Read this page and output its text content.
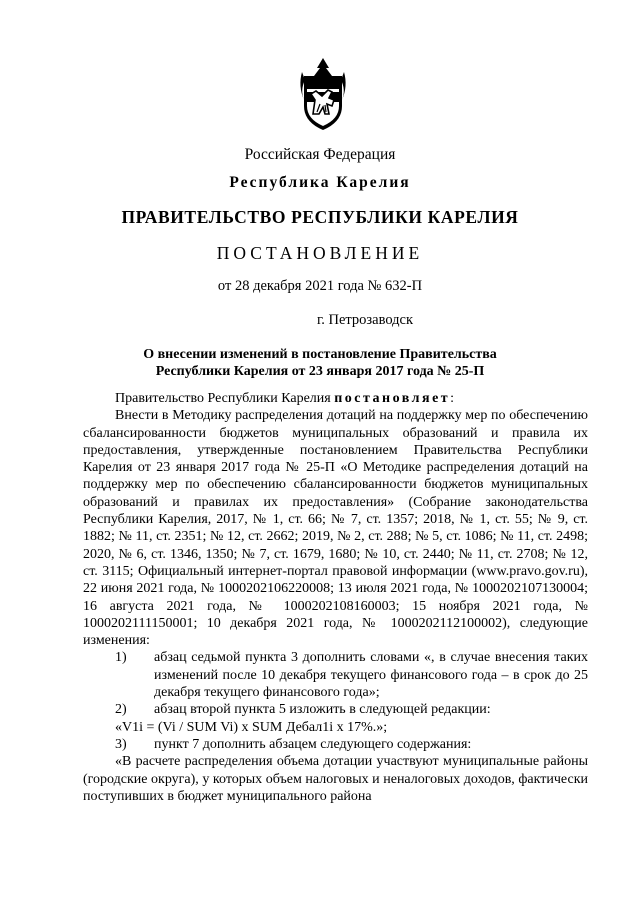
Российская Федерация
Республика Карелия
ПРАВИТЕЛЬСТВО РЕСПУБЛИКИ КАРЕЛИЯ
ПОСТАНОВЛЕНИЕ
от 28 декабря 2021 года № 632-П
г. Петрозаводск
О внесении изменений в постановление Правительства
Республики Карелия от 23 января 2017 года № 25-П

Правительство Республики Карелия постановляет:

Внести в Методику распределения дотаций на поддержку мер по обеспечению сбалансированности бюджетов муниципальных образований и правила их предоставления, утвержденные постановлением Правительства Республики Карелия от 23 января 2017 года № 25-П «О Методике распределения дотаций на поддержку мер по обеспечению сбалансированности бюджетов муниципальных образований и правилах их предоставления» (Собрание законодательства Республики Карелия, 2017, № 1, ст. 66; № 7, ст. 1357; 2018, № 1, ст. 55; № 9, ст. 1882; № 11, ст. 2351; № 12, ст. 2662; 2019, № 2, ст. 288; № 5, ст. 1086; № 11, ст. 2498; 2020, № 6, ст. 1346, 1350; № 7, ст. 1679, 1680; № 10, ст. 2440; № 11, ст. 2708; № 12, ст. 3115; Официальный интернет-портал правовой информации (www.pravo.gov.ru), 22 июня 2021 года, № 1000202106220008; 13 июля 2021 года, № 1000202107130004; 16 августа 2021 года, № 1000202108160003; 15 ноября 2021 года, № 1000202111150001; 10 декабря 2021 года, № 1000202112100002), следующие изменения:

1)	абзац седьмой пункта 3 дополнить словами «, в случае внесения таких изменений после 10 декабря текущего финансового года – в срок до 25 декабря текущего финансового года»;
2)	абзац второй пункта 5 изложить в следующей редакции:

«V1i = (Vi / SUM Vi) x SUM Дебал1i x 17%.»;

3)	пункт 7 дополнить абзацем следующего содержания:

«В расчете распределения объема дотации участвуют муниципальные районы (городские округа), у которых объем налоговых и неналоговых доходов, фактически поступивших в бюджет муниципального района
